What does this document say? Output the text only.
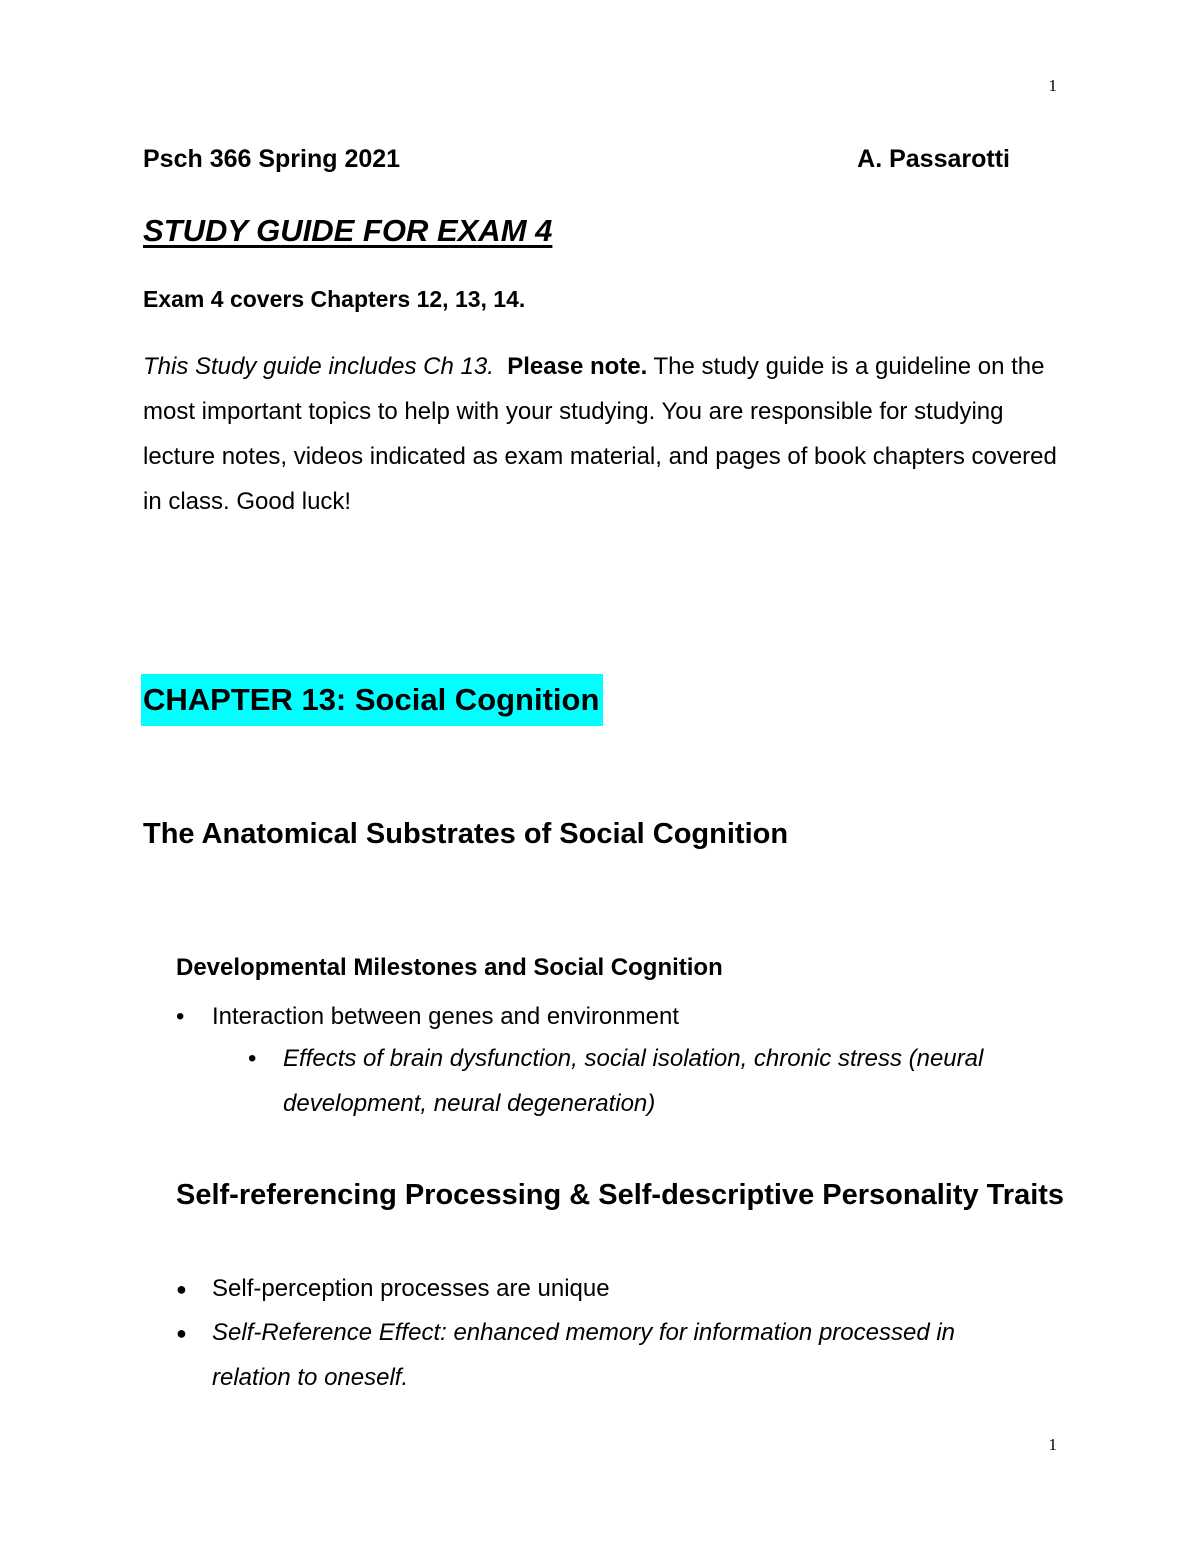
1
Psch 366 Spring 2021	A. Passarotti
STUDY GUIDE FOR EXAM 4
Exam 4 covers Chapters 12, 13, 14.
This Study guide includes Ch 13. Please note. The study guide is a guideline on the most important topics to help with your studying. You are responsible for studying lecture notes, videos indicated as exam material, and pages of book chapters covered in class. Good luck!
CHAPTER 13: Social Cognition
The Anatomical Substrates of Social Cognition
Developmental Milestones and Social Cognition
•	Interaction between genes and environment
•	Effects of brain dysfunction, social isolation, chronic stress (neural development, neural degeneration)
Self-referencing Processing & Self-descriptive Personality Traits
●	Self-perception processes are unique
●	Self-Reference Effect: enhanced memory for information processed in relation to oneself.
1
